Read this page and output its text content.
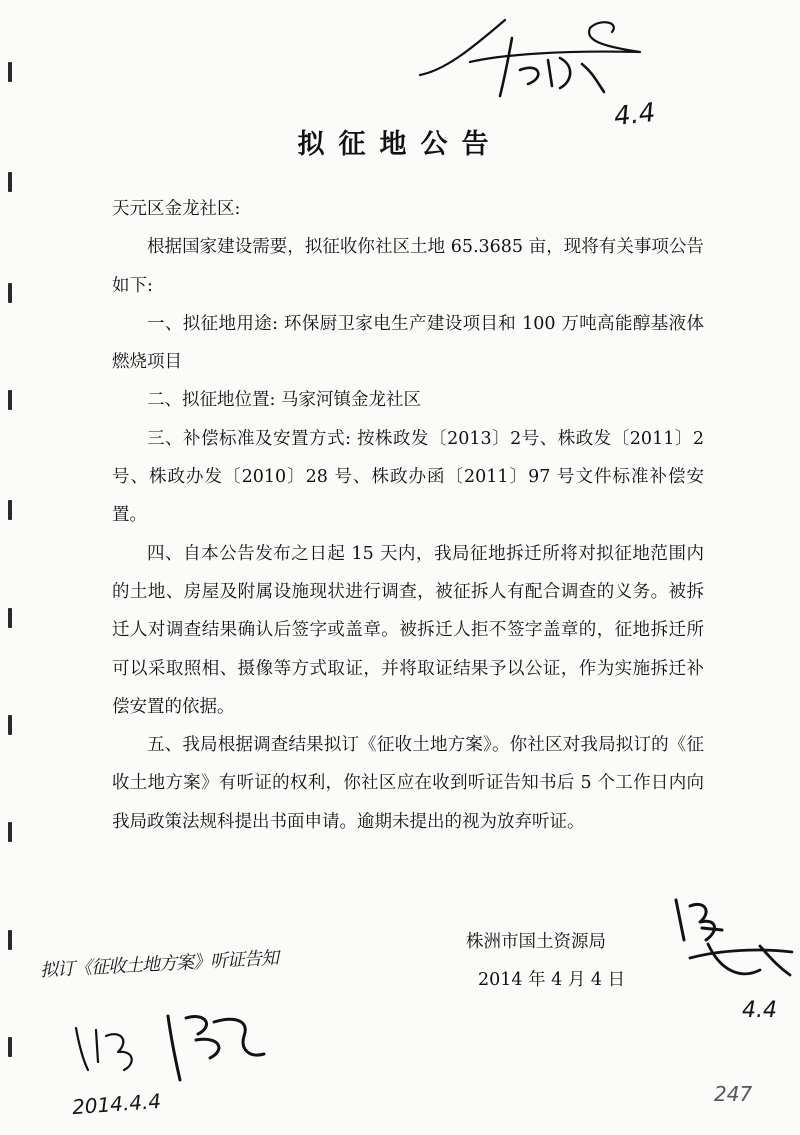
4.4
拟征地公告

天元区金龙社区:

根据国家建设需要，拟征收你社区土地 65.3685 亩，现将有关事项公告如下:

一、拟征地用途: 环保厨卫家电生产建设项目和 100 万吨高能醇基液体燃烧项目

二、拟征地位置: 马家河镇金龙社区

三、补偿标准及安置方式: 按株政发〔2013〕2号、株政发〔2011〕2 号、株政办发〔2010〕28 号、株政办函〔2011〕97 号文件标准补偿安置。

四、自本公告发布之日起 15 天内，我局征地拆迁所将对拟征地范围内的土地、房屋及附属设施现状进行调查，被征拆人有配合调查的义务。被拆迁人对调查结果确认后签字或盖章。被拆迁人拒不签字盖章的，征地拆迁所可以采取照相、摄像等方式取证，并将取证结果予以公证，作为实施拆迁补偿安置的依据。

五、我局根据调查结果拟订《征收土地方案》。你社区对我局拟订的《征收土地方案》有听证的权利，你社区应在收到听证告知书后 5 个工作日内向我局政策法规科提出书面申请。逾期未提出的视为放弃听证。

株洲市国土资源局
2014 年 4 月 4 日
4.4
拟订《征收土地方案》听证告知
2014.4.4	247
